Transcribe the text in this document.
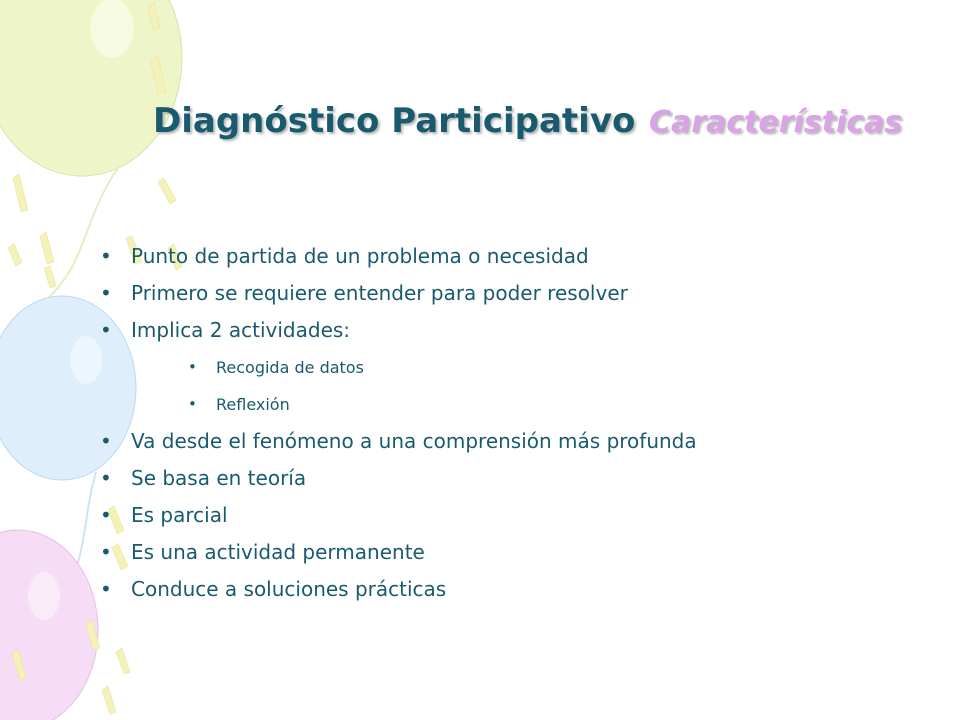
Diagnóstico Participativo Características
• Punto de partida de un problema o necesidad
• Primero se requiere entender para poder resolver
• Implica 2 actividades:
• Recogida de datos
• Reflexión
• Va desde el fenómeno a una comprensión más profunda
• Se basa en teoría
• Es parcial
• Es una actividad permanente
• Conduce a soluciones prácticas
